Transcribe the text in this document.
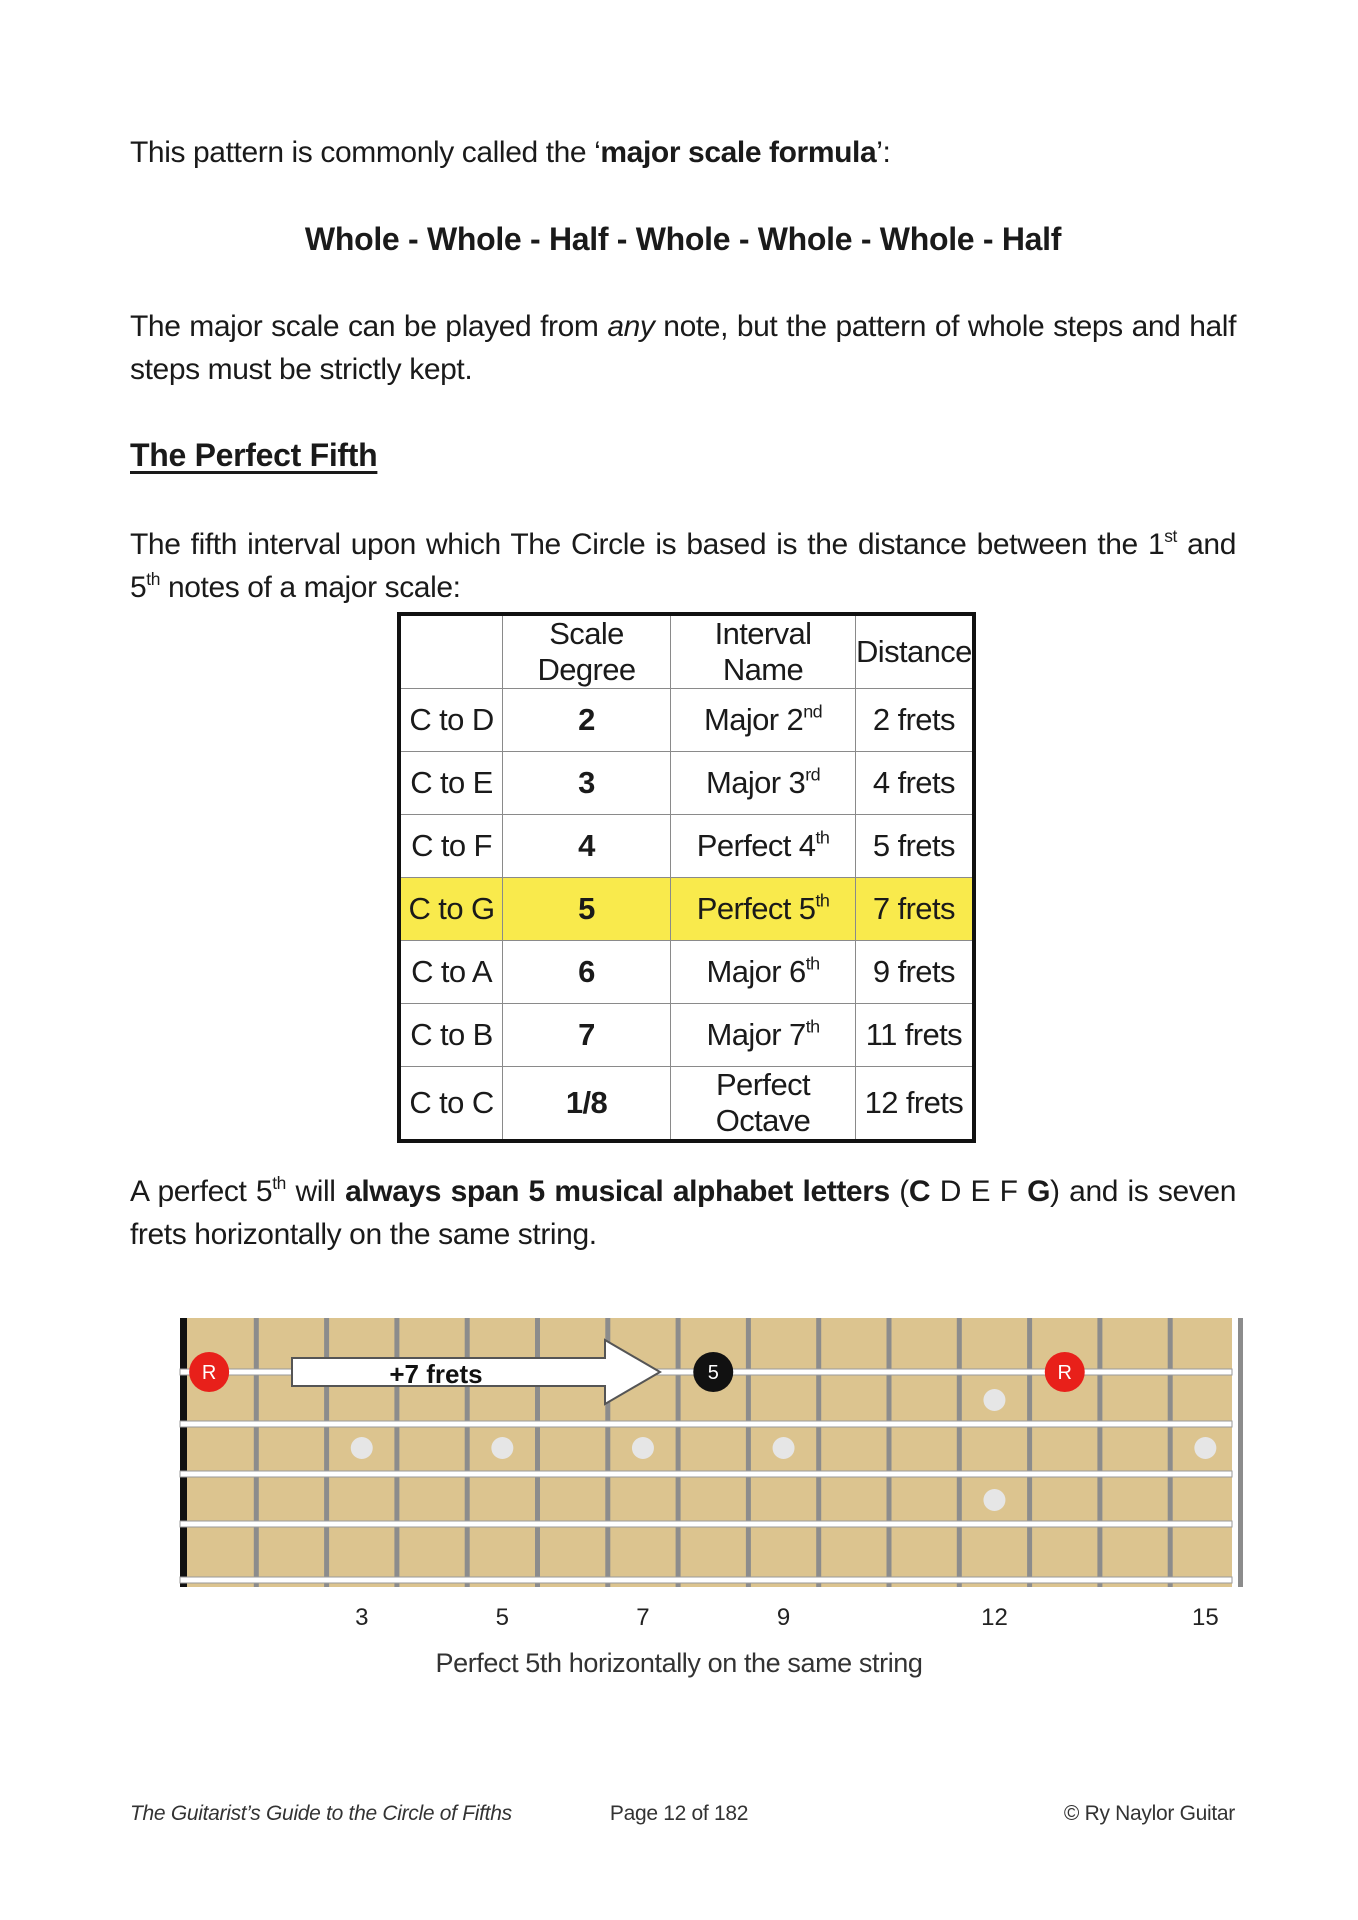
This pattern is commonly called the ‘major scale formula’:
Whole - Whole - Half - Whole - Whole - Whole - Half
The major scale can be played from any note, but the pattern of whole steps and half steps must be strictly kept.
The Perfect Fifth
The fifth interval upon which The Circle is based is the distance between the 1st and 5th notes of a major scale:
	Scale Degree	Interval Name	Distance
C to D	2	Major 2nd	2 frets
C to E	3	Major 3rd	4 frets
C to F	4	Perfect 4th	5 frets
C to G	5	Perfect 5th	7 frets
C to A	6	Major 6th	9 frets
C to B	7	Major 7th	11 frets
C to C	1/8	Perfect Octave	12 frets
A perfect 5th will always span 5 musical alphabet letters (C D E F G) and is seven frets horizontally on the same string.
+7 frets
R	5	R
3	5	7	9	12	15
Perfect 5th horizontally on the same string
The Guitarist’s Guide to the Circle of Fifths	Page 12 of 182	© Ry Naylor Guitar
